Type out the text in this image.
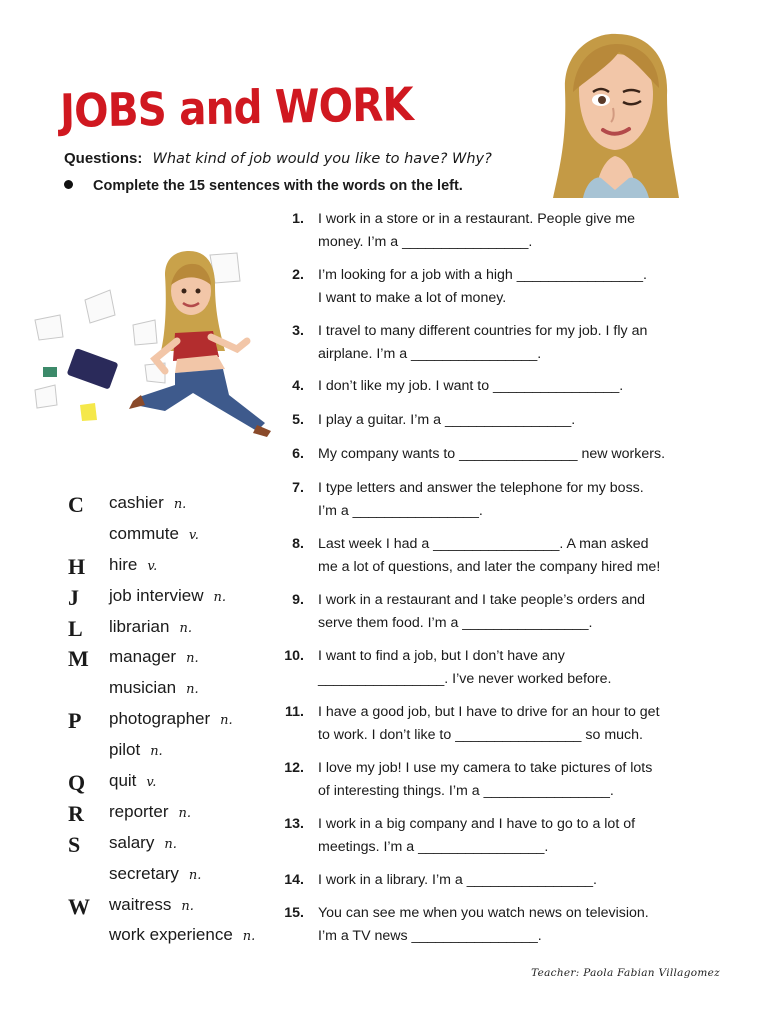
JOBS and WORK
Questions: What kind of job would you like to have? Why?
Complete the 15 sentences with the words on the left.
C	cashier n.
commute v.
H	hire v.
J	job interview n.
L	librarian n.
M	manager n.
musician n.
P	photographer n.
pilot n.
Q	quit v.
R	reporter n.
S	salary n.
secretary n.
W waitress n.
work experience n.
1. I work in a store or in a restaurant. People give me
money. I’m a ________________.
2. I’m looking for a job with a high ________________.
I want to make a lot of money.
3. I travel to many different countries for my job. I fly an
airplane. I’m a ________________.
4. I don’t like my job. I want to ________________.
5. I play a guitar. I’m a ________________.
6. My company wants to _______________ new workers.
7. I type letters and answer the telephone for my boss.
I’m a ________________.
8. Last week I had a ________________. A man asked
me a lot of questions, and later the company hired me!
9. I work in a restaurant and I take people’s orders and
serve them food. I’m a ________________.
10. I want to find a job, but I don’t have any
________________. I’ve never worked before.
11. I have a good job, but I have to drive for an hour to get
to work. I don’t like to ________________ so much.
12. I love my job! I use my camera to take pictures of lots
of interesting things. I’m a ________________.
13. I work in a big company and I have to go to a lot of
meetings. I’m a ________________.
14. I work in a library. I’m a ________________.
15. You can see me when you watch news on television.
I’m a TV news ________________.
Teacher: Paola Fabian Villagomez
